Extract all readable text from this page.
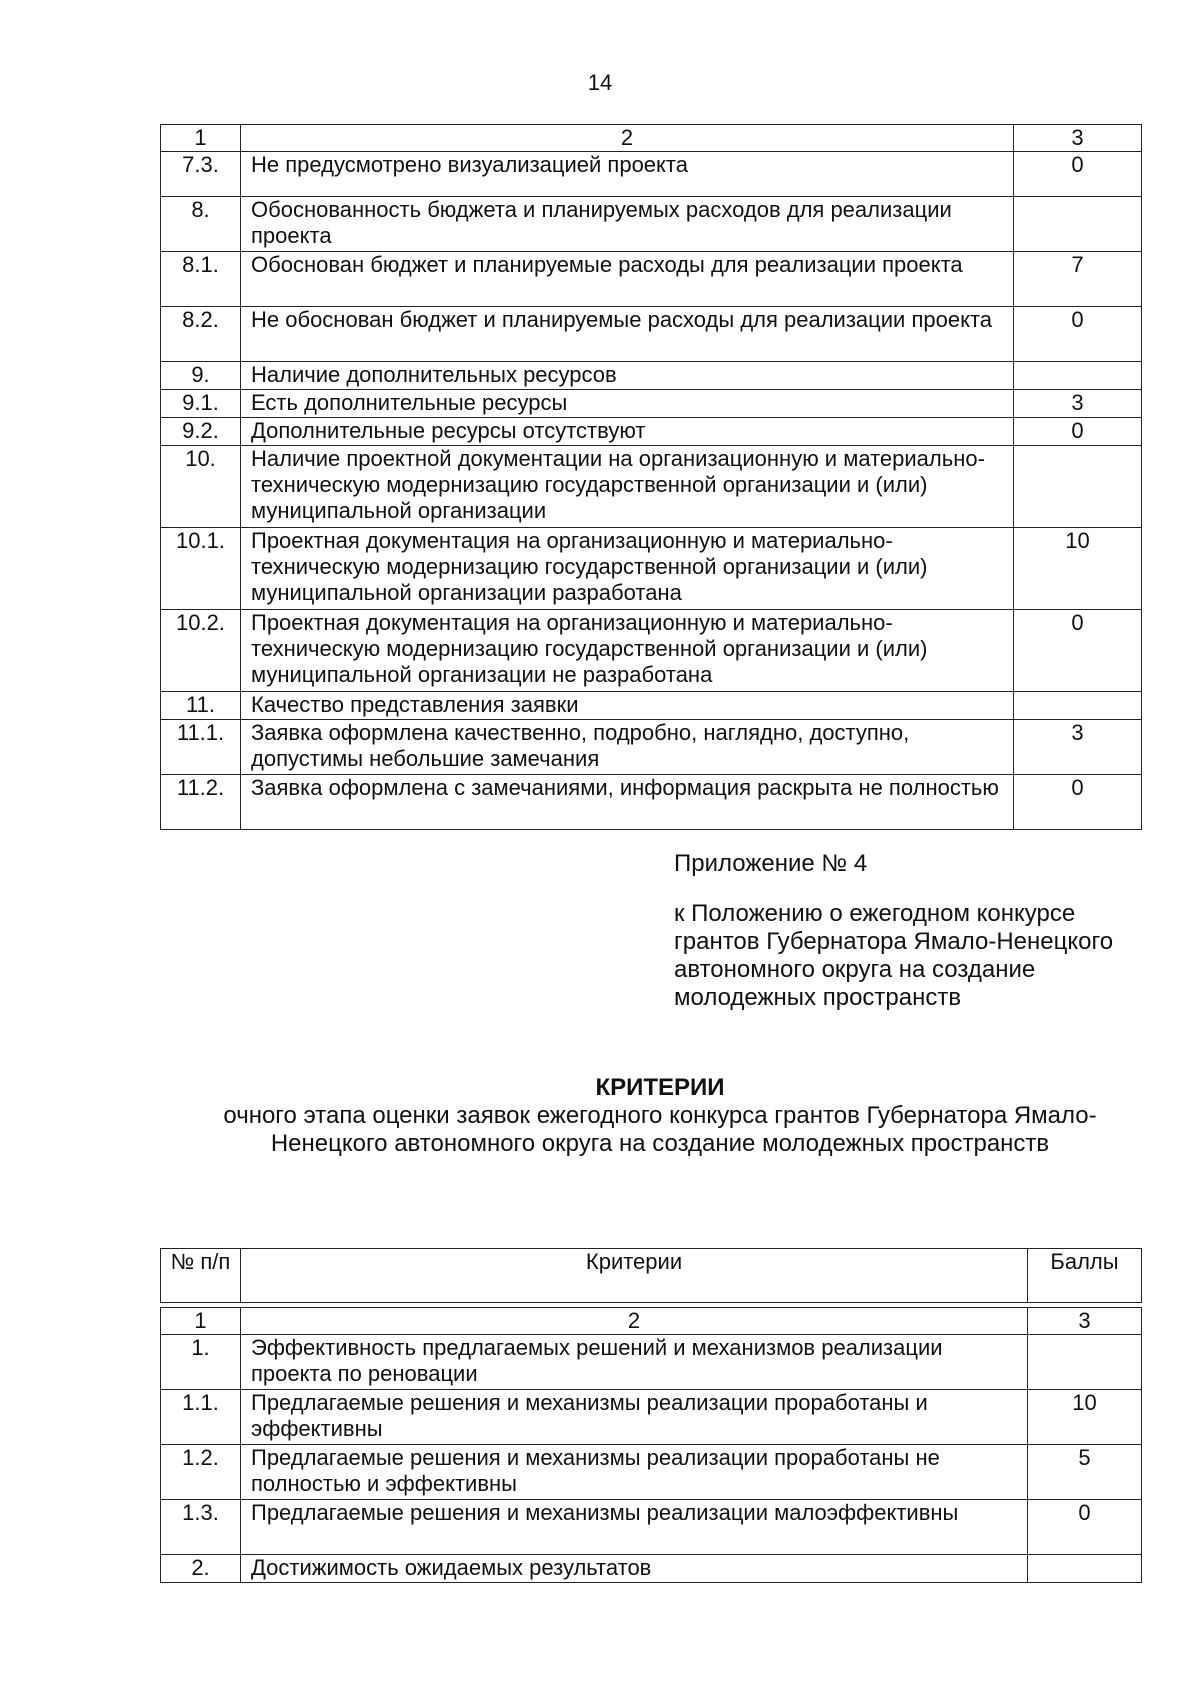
14
1	2	3
7.3.	Не предусмотрено визуализацией проекта	0
8.	Обоснованность бюджета и планируемых расходов для реализации проекта	
8.1.	Обоснован бюджет и планируемые расходы для реализации проекта	7
8.2.	Не обоснован бюджет и планируемые расходы для реализации проекта	0
9.	Наличие дополнительных ресурсов	
9.1.	Есть дополнительные ресурсы	3
9.2.	Дополнительные ресурсы отсутствуют	0
10.	Наличие проектной документации на организационную и материально-техническую модернизацию государственной организации и (или) муниципальной организации	
10.1.	Проектная документация на организационную и материально-техническую модернизацию государственной организации и (или) муниципальной организации разработана	10
10.2.	Проектная документация на организационную и материально-техническую модернизацию государственной организации и (или) муниципальной организации не разработана	0
11.	Качество представления заявки	
11.1.	Заявка оформлена качественно, подробно, наглядно, доступно, допустимы небольшие замечания	3
11.2.	Заявка оформлена с замечаниями, информация раскрыта не полностью	0
Приложение № 4
к Положению о ежегодном конкурсе грантов Губернатора Ямало-Ненецкого автономного округа на создание молодежных пространств
КРИТЕРИИ
очного этапа оценки заявок ежегодного конкурса грантов Губернатора Ямало-Ненецкого автономного округа на создание молодежных пространств
№ п/п	Критерии	Баллы

1	2	3
1.	Эффективность предлагаемых решений и механизмов реализации проекта по реновации	
1.1.	Предлагаемые решения и механизмы реализации проработаны и эффективны	10
1.2.	Предлагаемые решения и механизмы реализации проработаны не полностью и эффективны	5
1.3.	Предлагаемые решения и механизмы реализации малоэффективны	0
2.	Достижимость ожидаемых результатов	
